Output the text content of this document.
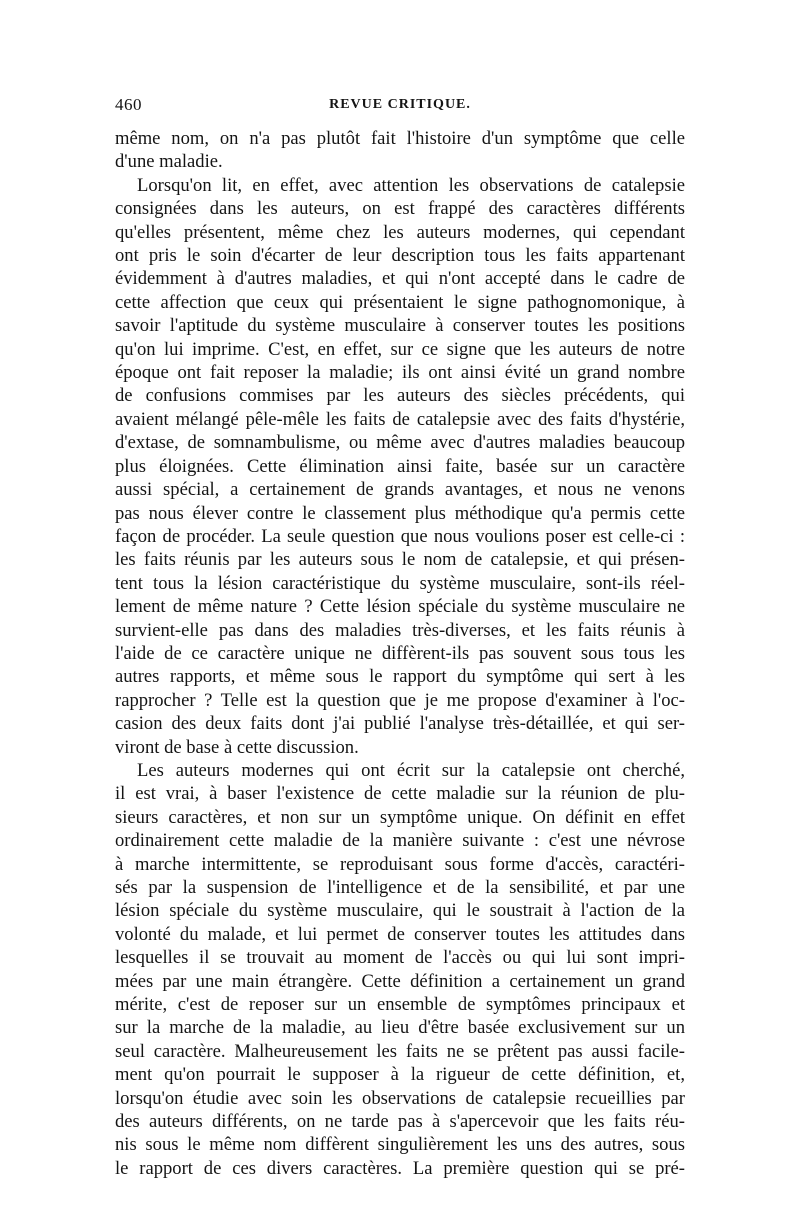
460	REVUE CRITIQUE.

même nom, on n'a pas plutôt fait l'histoire d'un symptôme que celle

d'une maladie.

Lorsqu'on lit, en effet, avec attention les observations de catalepsie

consignées dans les auteurs, on est frappé des caractères différents

qu'elles présentent, même chez les auteurs modernes, qui cependant

ont pris le soin d'écarter de leur description tous les faits appartenant

évidemment à d'autres maladies, et qui n'ont accepté dans le cadre de

cette affection que ceux qui présentaient le signe pathognomonique, à

savoir l'aptitude du système musculaire à conserver toutes les positions

qu'on lui imprime. C'est, en effet, sur ce signe que les auteurs de notre

époque ont fait reposer la maladie; ils ont ainsi évité un grand nombre

de confusions commises par les auteurs des siècles précédents, qui

avaient mélangé pêle-mêle les faits de catalepsie avec des faits d'hystérie,

d'extase, de somnambulisme, ou même avec d'autres maladies beaucoup

plus éloignées. Cette élimination ainsi faite, basée sur un caractère

aussi spécial, a certainement de grands avantages, et nous ne venons

pas nous élever contre le classement plus méthodique qu'a permis cette

façon de procéder. La seule question que nous voulions poser est celle-ci :

les faits réunis par les auteurs sous le nom de catalepsie, et qui présen-

tent tous la lésion caractéristique du système musculaire, sont-ils réel-

lement de même nature ? Cette lésion spéciale du système musculaire ne

survient-elle pas dans des maladies très-diverses, et les faits réunis à

l'aide de ce caractère unique ne diffèrent-ils pas souvent sous tous les

autres rapports, et même sous le rapport du symptôme qui sert à les

rapprocher ? Telle est la question que je me propose d'examiner à l'oc-

casion des deux faits dont j'ai publié l'analyse très-détaillée, et qui ser-

viront de base à cette discussion.

Les auteurs modernes qui ont écrit sur la catalepsie ont cherché,

il est vrai, à baser l'existence de cette maladie sur la réunion de plu-

sieurs caractères, et non sur un symptôme unique. On définit en effet

ordinairement cette maladie de la manière suivante : c'est une névrose

à marche intermittente, se reproduisant sous forme d'accès, caractéri-

sés par la suspension de l'intelligence et de la sensibilité, et par une

lésion spéciale du système musculaire, qui le soustrait à l'action de la

volonté du malade, et lui permet de conserver toutes les attitudes dans

lesquelles il se trouvait au moment de l'accès ou qui lui sont impri-

mées par une main étrangère. Cette définition a certainement un grand

mérite, c'est de reposer sur un ensemble de symptômes principaux et

sur la marche de la maladie, au lieu d'être basée exclusivement sur un

seul caractère. Malheureusement les faits ne se prêtent pas aussi facile-

ment qu'on pourrait le supposer à la rigueur de cette définition, et,

lorsqu'on étudie avec soin les observations de catalepsie recueillies par

des auteurs différents, on ne tarde pas à s'apercevoir que les faits réu-

nis sous le même nom diffèrent singulièrement les uns des autres, sous

le rapport de ces divers caractères. La première question qui se pré-
